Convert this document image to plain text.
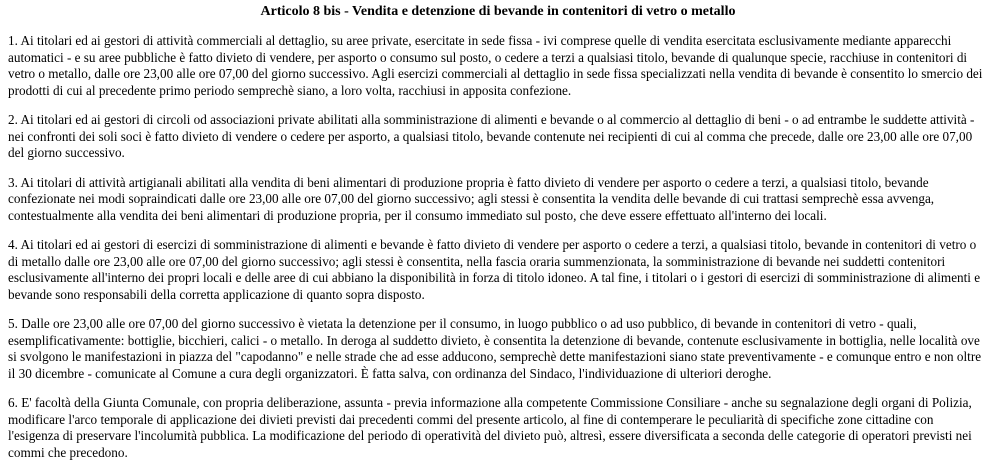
Articolo 8 bis - Vendita e detenzione di bevande in contenitori di vetro o metallo

1. Ai titolari ed ai gestori di attività commerciali al dettaglio, su aree private, esercitate in sede fissa - ivi comprese quelle di vendita esercitata esclusivamente mediante apparecchi automatici - e su aree pubbliche è fatto divieto di vendere, per asporto o consumo sul posto, o cedere a terzi a qualsiasi titolo, bevande di qualunque specie, racchiuse in contenitori di vetro o metallo, dalle ore 23,00 alle ore 07,00 del giorno successivo. Agli esercizi commerciali al dettaglio in sede fissa specializzati nella vendita di bevande è consentito lo smercio dei prodotti di cui al precedente primo periodo semprechè siano, a loro volta, racchiusi in apposita confezione.

2. Ai titolari ed ai gestori di circoli od associazioni private abilitati alla somministrazione di alimenti e bevande o al commercio al dettaglio di beni - o ad entrambe le suddette attività - nei confronti dei soli soci è fatto divieto di vendere o cedere per asporto, a qualsiasi titolo, bevande contenute nei recipienti di cui al comma che precede, dalle ore 23,00 alle ore 07,00 del giorno successivo.

3. Ai titolari di attività artigianali abilitati alla vendita di beni alimentari di produzione propria è fatto divieto di vendere per asporto o cedere a terzi, a qualsiasi titolo, bevande confezionate nei modi sopraindicati dalle ore 23,00 alle ore 07,00 del giorno successivo; agli stessi è consentita la vendita delle bevande di cui trattasi semprechè essa avvenga, contestualmente alla vendita dei beni alimentari di produzione propria, per il consumo immediato sul posto, che deve essere effettuato all'interno dei locali.

4. Ai titolari ed ai gestori di esercizi di somministrazione di alimenti e bevande è fatto divieto di vendere per asporto o cedere a terzi, a qualsiasi titolo, bevande in contenitori di vetro o di metallo dalle ore 23,00 alle ore 07,00 del giorno successivo; agli stessi è consentita, nella fascia oraria summenzionata, la somministrazione di bevande nei suddetti contenitori esclusivamente all'interno dei propri locali e delle aree di cui abbiano la disponibilità in forza di titolo idoneo. A tal fine, i titolari o i gestori di esercizi di somministrazione di alimenti e bevande sono responsabili della corretta applicazione di quanto sopra disposto.

5. Dalle ore 23,00 alle ore 07,00 del giorno successivo è vietata la detenzione per il consumo, in luogo pubblico o ad uso pubblico, di bevande in contenitori di vetro - quali, esemplificativamente: bottiglie, bicchieri, calici - o metallo. In deroga al suddetto divieto, è consentita la detenzione di bevande, contenute esclusivamente in bottiglia, nelle località ove si svolgono le manifestazioni in piazza del "capodanno" e nelle strade che ad esse adducono, semprechè dette manifestazioni siano state preventivamente - e comunque entro e non oltre il 30 dicembre - comunicate al Comune a cura degli organizzatori. È fatta salva, con ordinanza del Sindaco, l'individuazione di ulteriori deroghe.

6. E' facoltà della Giunta Comunale, con propria deliberazione, assunta - previa informazione alla competente Commissione Consiliare - anche su segnalazione degli organi di Polizia, modificare l'arco temporale di applicazione dei divieti previsti dai precedenti commi del presente articolo, al fine di contemperare le peculiarità di specifiche zone cittadine con l'esigenza di preservare l'incolumità pubblica. La modificazione del periodo di operatività del divieto può, altresì, essere diversificata a seconda delle categorie di operatori previsti nei commi che precedono.
